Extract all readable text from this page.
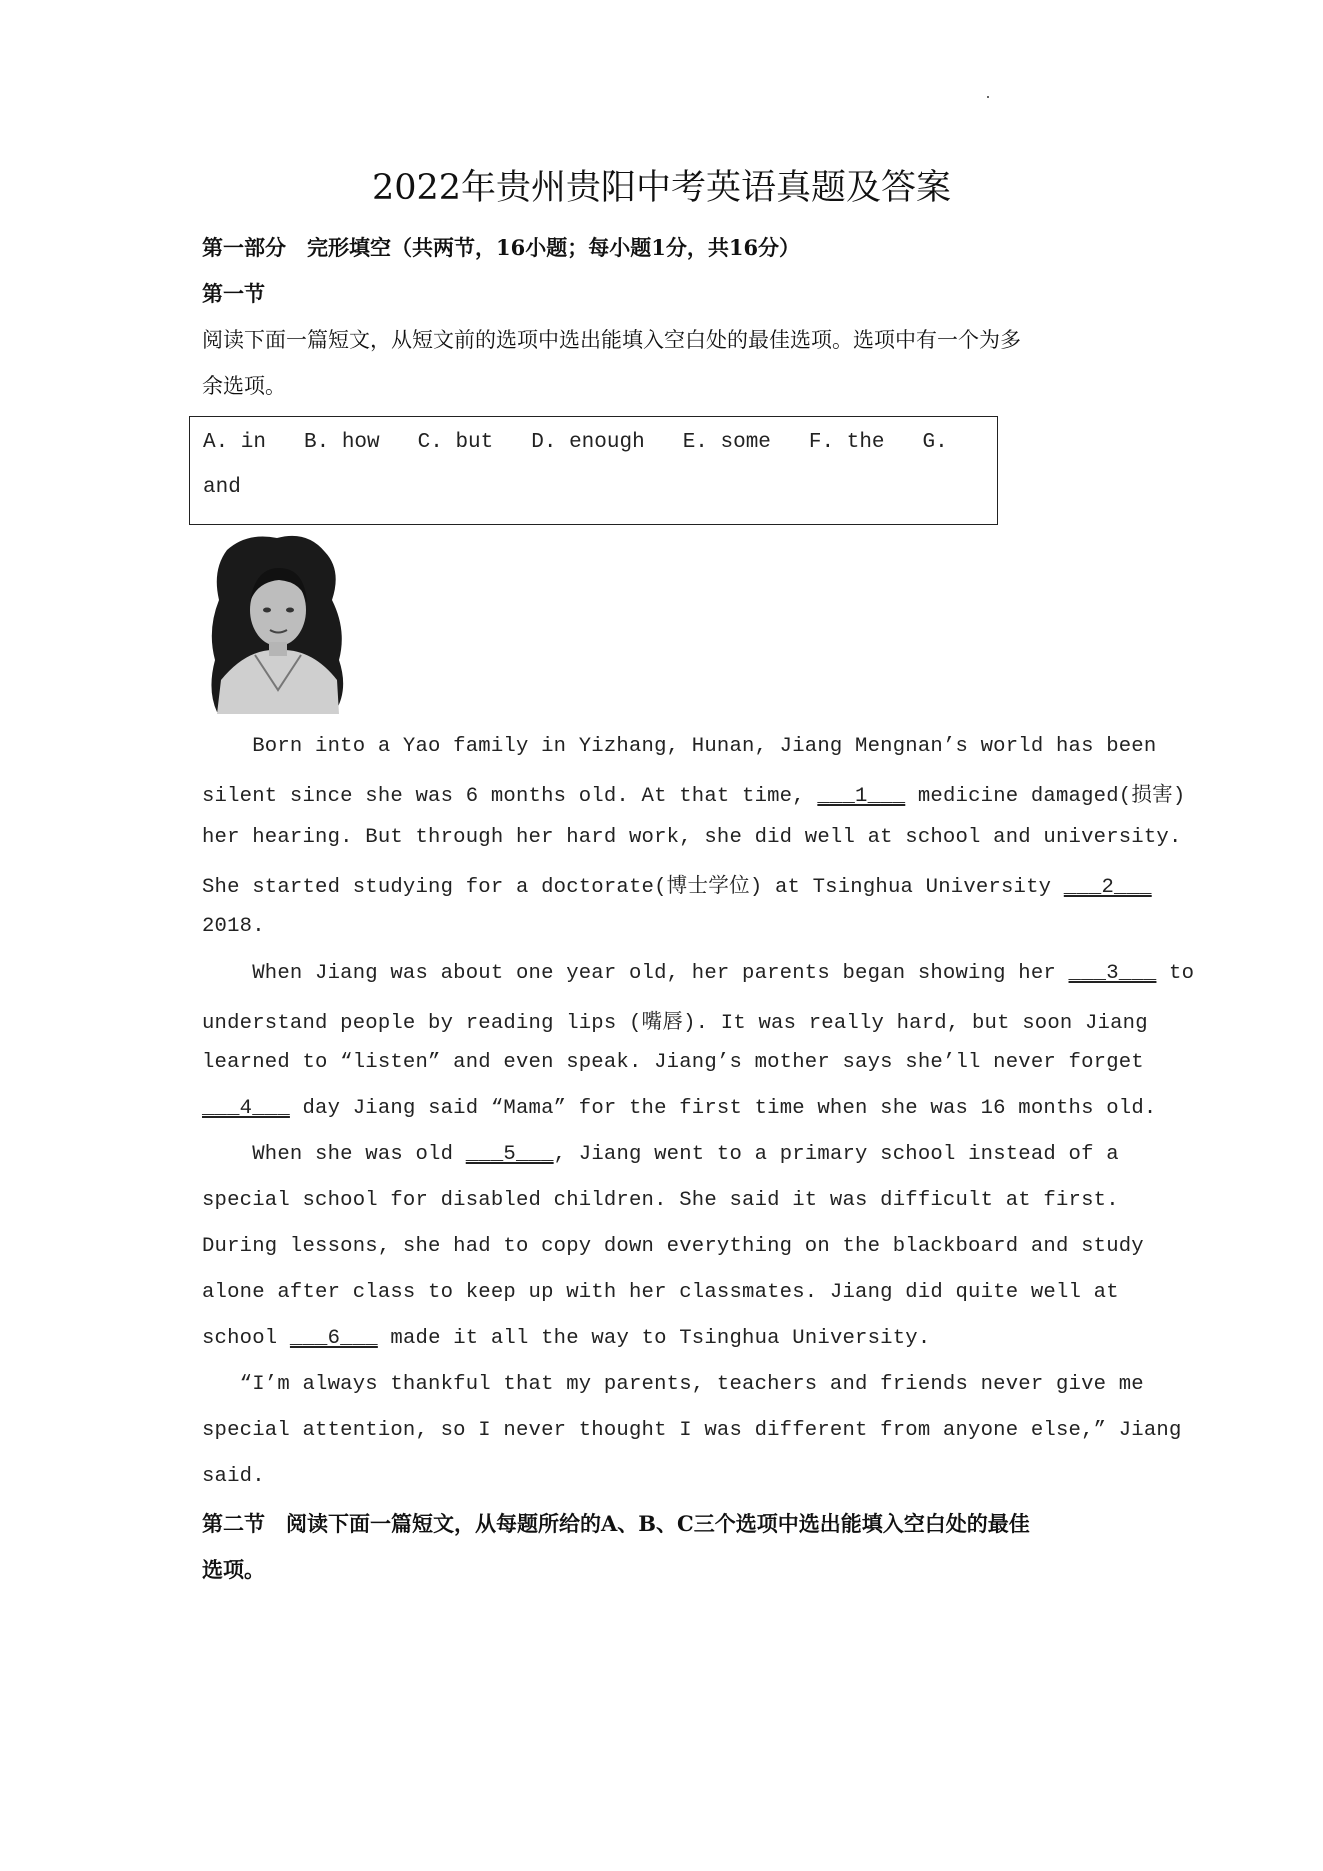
2022年贵州贵阳中考英语真题及答案
第一部分　完形填空（共两节，16小题；每小题1分，共16分）
第一节
阅读下面一篇短文，从短文前的选项中选出能填入空白处的最佳选项。选项中有一个为多
余选项。
A. in B. how C. but D. enough E. some F. the G.
and
Born into a Yao family in Yizhang, Hunan, Jiang Mengnan’s world has been
silent since she was 6 months old. At that time, ___1___ medicine damaged(损害)
her hearing. But through her hard work, she did well at school and university.
She started studying for a doctorate(博士学位) at Tsinghua University ___2___
2018.
When Jiang was about one year old, her parents began showing her ___3___ to
understand people by reading lips (嘴唇). It was really hard, but soon Jiang
learned to “listen” and even speak. Jiang’s mother says she’ll never forget
___4___ day Jiang said “Mama” for the first time when she was 16 months old.
When she was old ___5___, Jiang went to a primary school instead of a
special school for disabled children. She said it was difficult at first.
During lessons, she had to copy down everything on the blackboard and study
alone after class to keep up with her classmates. Jiang did quite well at
school ___6___ made it all the way to Tsinghua University.
“I’m always thankful that my parents, teachers and friends never give me
special attention, so I never thought I was different from anyone else,” Jiang
said.
第二节　阅读下面一篇短文，从每题所给的A、B、C三个选项中选出能填入空白处的最佳
选项。
